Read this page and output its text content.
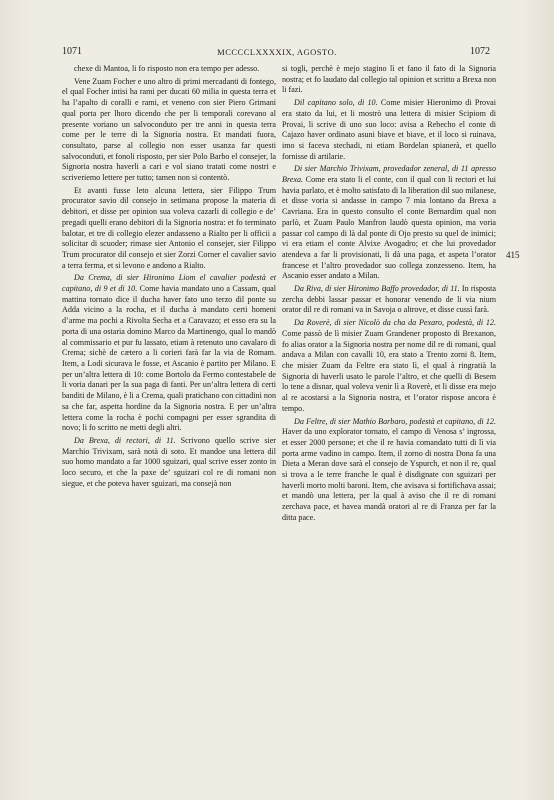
1071	MCCCCLXXXXIX, AGOSTO.	1072

chexe di Mantoa, li fo risposto non era tempo per adesso.

Vene Zuam Focher e uno altro di primi mercadanti di fontego, el qual Focher intisi ha rami per ducati 60 milia in questa terra et ha l’apalto di coralli e rami, et veneno con sier Piero Grimani qual porta per lhoro dicendo che per li temporali corevano al presente voriano un salvoconduto per tre anni in questa terra come per le terre di la Signoria nostra. Et mandati fuora, consultato, parse al collegio non esser usanza far questi salvoconduti, et fonoli risposto, per sier Polo Barbo el consejer, la Signoria nostra haverli a cari e vol siano tratati come nostri e scriveriemo lettere per tutto; tamen non si contentò.

Et avanti fusse leto alcuna lettera, sier Filippo Trum procurator savio dil consejo in setimana propose la materia di debitori, et disse per opinion sua voleva cazarli di collegio e de’ pregadi quelli erano debitori di la Signoria nostra: et fo terminato balotar, et tre di collegio elezer andasseno a Rialto per li officii a solicitar di scuoder; rimase sier Antonio el consejer, sier Filippo Trum procurator dil consejo et sier Zorzi Corner el cavalier savio a terra ferma, et si levono e andono a Rialto.

Da Crema, di sier Hironimo Liom el cavalier podestà et capitano, di 9 et di 10. Come havia mandato uno a Cassam, qual mattina tornato dice il ducha haver fato uno terzo dil ponte su Adda vicino a la rocha, et il ducha à mandato certi homeni d’arme ma pochi a Rivolta Secha et a Caravazo; et esso era su la porta di una ostaria domino Marco da Martinengo, qual lo mandò al commissario et pur fu lassato, etiam à retenuto uno cavalaro di Crema; sichè de cætero a li corieri farà far la via de Romam. Item, a Lodi sicurava le fosse, et Ascanio è partito per Milano. E per un’altra lettera di 10: come Bortolo da Fermo contestabele de li voria danari per la sua paga di fanti. Per un’altra lettera di certi banditi de Milano, è li a Crema, quali pratichano con cittadini non sa che far, aspetta hordine da la Signoria nostra. E per un’altra lettera come la rocha è pochi compagni per esser sgrandita di novo; li fo scritto ne metti degli altri.

Da Brexa, di rectori, di 11. Scrivono quello scrive sier Marchio Trivixam, sarà notà di soto. Et mandoe una lettera dil suo homo mandato a far 1000 sguizari, qual scrive esser zonto in loco securo, et che la paxe de’ sguizari col re di romani non siegue, et che poteva haver sguizari, ma consejà non

si togli, perchè è mejo stagino lì et fano il fato di la Signoria nostra; et fo laudato dal collegio tal opinion et scritto a Brexa non li fazi.

Dil capitano solo, di 10. Come misier Hieronimo di Provai era stato da lui, et li mostrò una lettera di misier Scipiom di Provai, li scrive di uno suo loco: avisa a Rebecho el conte di Cajazo haver ordinato asuni biave et biave, et il loco si ruinava, imo si faceva stechadi, ni etiam Bordelan spianerà, et quello fornisse di artilarie.

Di sier Marchio Trivixam, provedador zeneral, di 11 apresso Brexa. Come era stato li el conte, con il qual con li rectori et lui havia parlato, et è molto satisfato di la liberation dil suo milanese, et disse voria si andasse in campo 7 mia lontano da Brexa a Cavriana. Era in questo consulto el conte Bernardim qual non parlò, et Zuam Paulo Manfron laudò questa opinion, ma voria passar col campo di là dal ponte di Ojo presto su quel de inimici; vi era etiam el conte Alvixe Avogadro; et che lui provedador atendeva a far li provisionati, li dà una paga, et aspeta l’orator francese et l’altro provedador suo collega zonzesseno. Item, ha Ascanio esser andato a Milan.

Da Riva, di sier Hironimo Baffo provedador, di 11. In risposta zercha debbi lassar passar et honorar venendo de li via nium orator dil re di romani va in Savoja o altrove, et disse cussì farà.

Da Roverè, di sier Nicolò da cha da Pexaro, podestà, di 12. Come passò de lì misier Zuam Grandener proposto di Brexanon, fo alias orator a la Signoria nostra per nome dil re di romani, qual andava a Milan con cavalli 10, era stato a Trento zorni 8. Item, che misier Zuam da Feltre era stato lì, el qual à ringratià la Signoria di haverli usato le parole l’altro, et che quelli di Besem lo tene a disnar, qual voleva venir lì a Roverè, et li disse era mejo al re acostarsi a la Signoria nostra, et l’orator rispose ancora è tempo.

Da Feltre, di sier Mathio Barbaro, podestà et capitano, di 12. Haver da uno explorator tornato, el campo di Venosa s’ ingrossa, et esser 2000 persone; et che il re havia comandato tutti di lì via porta arme vadino in campo. Item, il zorno di nostra Dona fa una Dieta a Meran dove sarà el consejo de Yspurch, et non il re, qual si trova a le terre franche le qual è disdignate con sguizari per haverli morto molti baroni. Item, che avisava si fortifichava assai; et mandò una lettera, per la qual à aviso che il re di romani zerchava pace, et havea mandà oratori al re di Franza per far la ditta pace.

415
